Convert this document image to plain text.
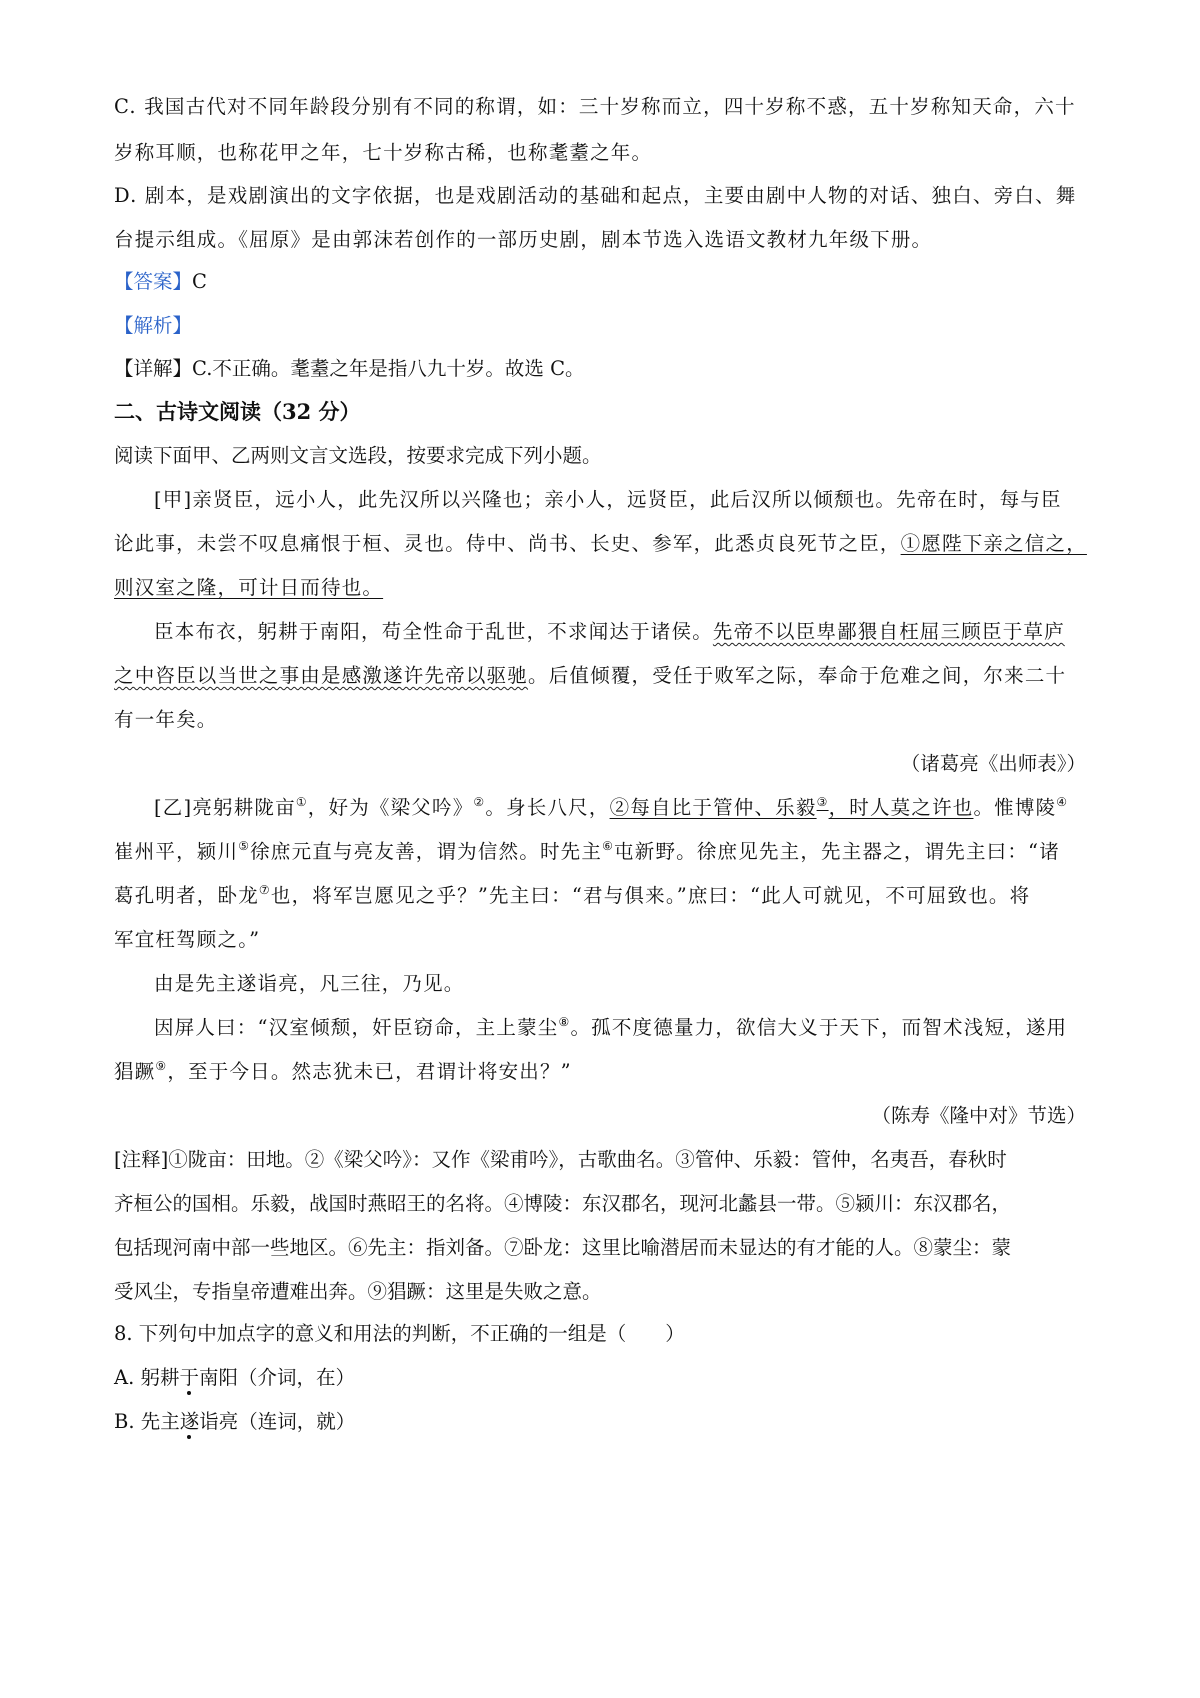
C. 我国古代对不同年龄段分别有不同的称谓，如：三十岁称而立，四十岁称不惑，五十岁称知天命，六十
岁称耳顺，也称花甲之年，七十岁称古稀，也称耄耋之年。
D. 剧本，是戏剧演出的文字依据，也是戏剧活动的基础和起点，主要由剧中人物的对话、独白、旁白、舞
台提示组成。《屈原》是由郭沫若创作的一部历史剧，剧本节选入选语文教材九年级下册。
【答案】C
【解析】
【详解】C.不正确。耄耋之年是指八九十岁。故选 C。
二、古诗文阅读（32 分）
阅读下面甲、乙两则文言文选段，按要求完成下列小题。
[甲]亲贤臣，远小人，此先汉所以兴隆也；亲小人，远贤臣，此后汉所以倾颓也。先帝在时，每与臣
论此事，未尝不叹息痛恨于桓、灵也。侍中、尚书、长史、参军，此悉贞良死节之臣，①愿陛下亲之信之，
则汉室之隆，可计日而待也。
臣本布衣，躬耕于南阳，苟全性命于乱世，不求闻达于诸侯。先帝不以臣卑鄙猥自枉屈三顾臣于草庐
之中咨臣以当世之事由是感激遂许先帝以驱驰。后值倾覆，受任于败军之际，奉命于危难之间，尔来二十
有一年矣。
（诸葛亮《出师表》）
[乙]亮躬耕陇亩①，好为《梁父吟》②。身长八尺，②每自比于管仲、乐毅③，时人莫之许也。惟博陵④
崔州平，颍川⑤徐庶元直与亮友善，谓为信然。时先主⑥屯新野。徐庶见先主，先主器之，谓先主曰：“诸
葛孔明者，卧龙⑦也，将军岂愿见之乎？”先主曰：“君与俱来。”庶曰：“此人可就见，不可屈致也。将
军宜枉驾顾之。”
由是先主遂诣亮，凡三往，乃见。
因屏人曰：“汉室倾颓，奸臣窃命，主上蒙尘⑧。孤不度德量力，欲信大义于天下，而智术浅短，遂用
猖蹶⑨，至于今日。然志犹未已，君谓计将安出？”
（陈寿《隆中对》节选）
[注释]①陇亩：田地。②《梁父吟》：又作《梁甫吟》，古歌曲名。③管仲、乐毅：管仲，名夷吾，春秋时
齐桓公的国相。乐毅，战国时燕昭王的名将。④博陵：东汉郡名，现河北蠡县一带。⑤颍川：东汉郡名，
包括现河南中部一些地区。⑥先主：指刘备。⑦卧龙：这里比喻潜居而未显达的有才能的人。⑧蒙尘：蒙
受风尘，专指皇帝遭难出奔。⑨猖蹶：这里是失败之意。
8. 下列句中加点字的意义和用法的判断，不正确的一组是（　　）
A. 躬耕于南阳（介词，在）
B. 先主遂诣亮（连词，就）
